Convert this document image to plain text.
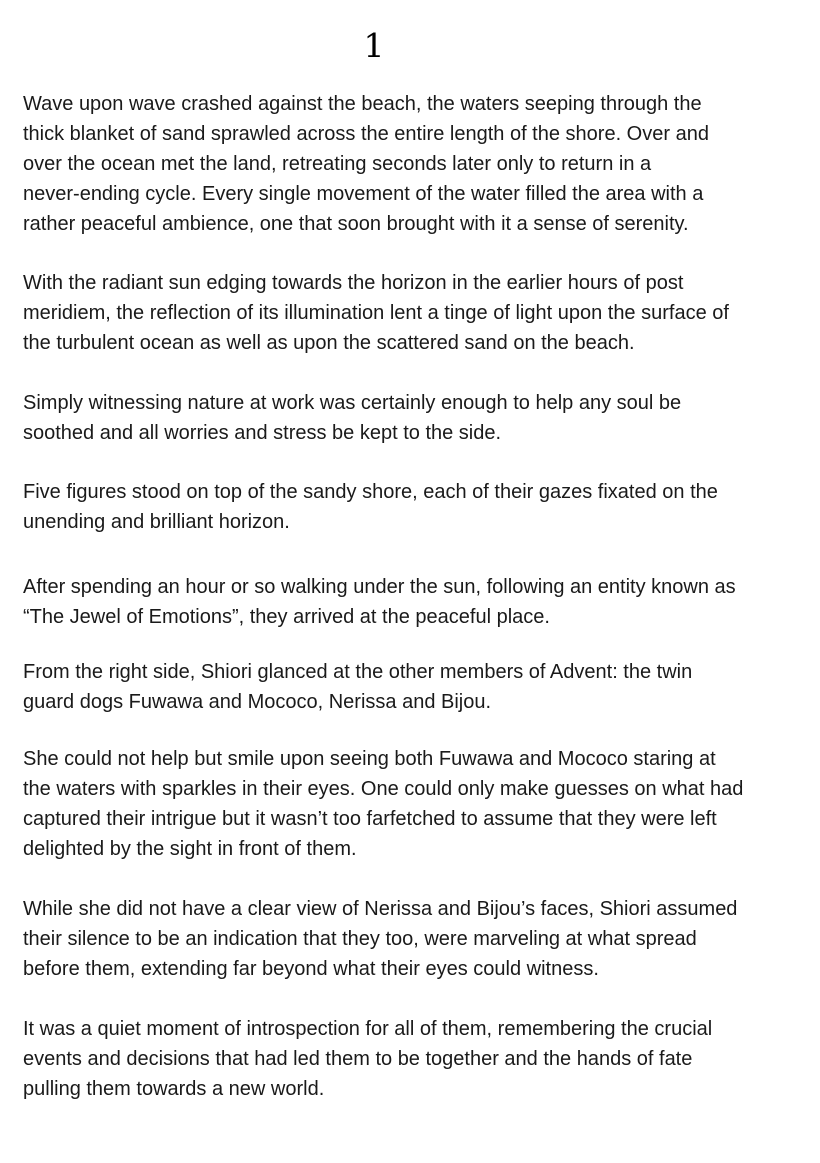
1

Wave upon wave crashed against the beach, the waters seeping through the
thick blanket of sand sprawled across the entire length of the shore. Over and
over the ocean met the land, retreating seconds later only to return in a
never-ending cycle. Every single movement of the water filled the area with a
rather peaceful ambience, one that soon brought with it a sense of serenity.

With the radiant sun edging towards the horizon in the earlier hours of post
meridiem, the reflection of its illumination lent a tinge of light upon the surface of
the turbulent ocean as well as upon the scattered sand on the beach.

Simply witnessing nature at work was certainly enough to help any soul be
soothed and all worries and stress be kept to the side.

Five figures stood on top of the sandy shore, each of their gazes fixated on the
unending and brilliant horizon.

After spending an hour or so walking under the sun, following an entity known as
“The Jewel of Emotions”, they arrived at the peaceful place.

From the right side, Shiori glanced at the other members of Advent: the twin
guard dogs Fuwawa and Mococo, Nerissa and Bijou.

She could not help but smile upon seeing both Fuwawa and Mococo staring at
the waters with sparkles in their eyes. One could only make guesses on what had
captured their intrigue but it wasn’t too farfetched to assume that they were left
delighted by the sight in front of them.

While she did not have a clear view of Nerissa and Bijou’s faces, Shiori assumed
their silence to be an indication that they too, were marveling at what spread
before them, extending far beyond what their eyes could witness.

It was a quiet moment of introspection for all of them, remembering the crucial
events and decisions that had led them to be together and the hands of fate
pulling them towards a new world.
